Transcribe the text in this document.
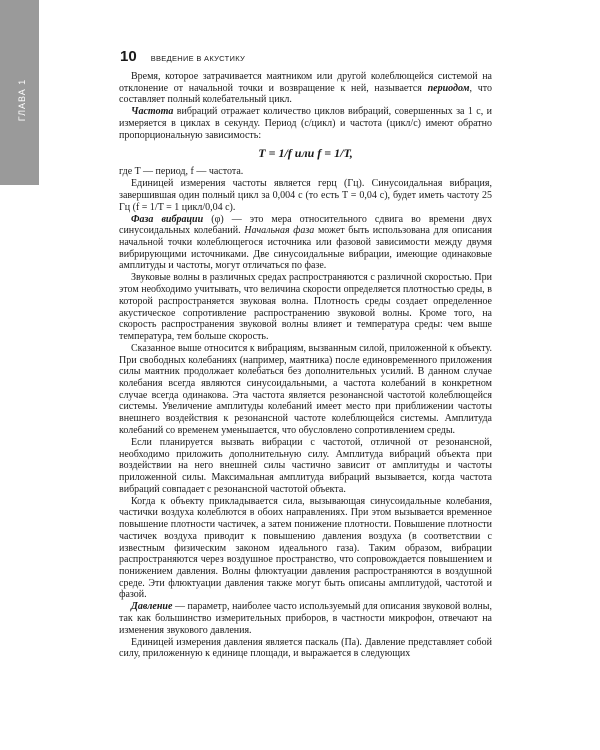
ГЛАВА 1
10 ВВЕДЕНИЕ В АКУСТИКУ

Время, которое затрачивается маятником или другой колеблющейся системой на отклонение от начальной точки и возвращение к ней, называется периодом, что составляет полный колебательный цикл.

Частота вибраций отражает количество циклов вибраций, совершенных за 1 с, и измеряется в циклах в секунду. Период (с/цикл) и частота (цикл/с) имеют обратно пропорциональную зависимость:

T = 1/f или f = 1/T,

где T — период, f — частота.

Единицей измерения частоты является герц (Гц). Синусоидальная вибрация, завершившая один полный цикл за 0,004 с (то есть T = 0,04 с), будет иметь частоту 25 Гц (f = 1/T = 1 цикл/0,04 с).

Фаза вибрации (φ) — это мера относительного сдвига во времени двух синусоидальных колебаний. Начальная фаза может быть использована для описания начальной точки колеблющегося источника или фазовой зависимости между двумя вибрирующими источниками. Две синусоидальные вибрации, имеющие одинаковые амплитуды и частоты, могут отличаться по фазе.

Звуковые волны в различных средах распространяются с различной скоростью. При этом необходимо учитывать, что величина скорости определяется плотностью среды, в которой распространяется звуковая волна. Плотность среды создает определенное акустическое сопротивление распространению звуковой волны. Кроме того, на скорость распространения звуковой волны влияет и температура среды: чем выше температура, тем больше скорость.

Сказанное выше относится к вибрациям, вызванным силой, приложенной к объекту. При свободных колебаниях (например, маятника) после единовременного приложения силы маятник продолжает колебаться без дополнительных усилий. В данном случае колебания всегда являются синусоидальными, а частота колебаний в конкретном случае всегда одинакова. Эта частота является резонансной частотой колеблющейся системы. Увеличение амплитуды колебаний имеет место при приближении частоты внешнего воздействия к резонансной частоте колеблющейся системы. Амплитуда колебаний со временем уменьшается, что обусловлено сопротивлением среды.

Если планируется вызвать вибрации с частотой, отличной от резонансной, необходимо приложить дополнительную силу. Амплитуда вибраций объекта при воздействии на него внешней силы частично зависит от амплитуды и частоты приложенной силы. Максимальная амплитуда вибраций вызывается, когда частота вибраций совпадает с резонансной частотой объекта.

Когда к объекту прикладывается сила, вызывающая синусоидальные колебания, частички воздуха колеблются в обоих направлениях. При этом вызывается временное повышение плотности частичек, а затем понижение плотности. Повышение плотности частичек воздуха приводит к повышению давления воздуха (в соответствии с известным физическим законом идеального газа). Таким образом, вибрации распространяются через воздушное пространство, что сопровождается повышением и понижением давления. Волны флюктуации давления распространяются в воздушной среде. Эти флюктуации давления также могут быть описаны амплитудой, частотой и фазой.

Давление — параметр, наиболее часто используемый для описания звуковой волны, так как большинство измерительных приборов, в частности микрофон, отвечают на изменения звукового давления.

Единицей измерения давления является паскаль (Па). Давление представляет собой силу, приложенную к единице площади, и выражается в следующих
